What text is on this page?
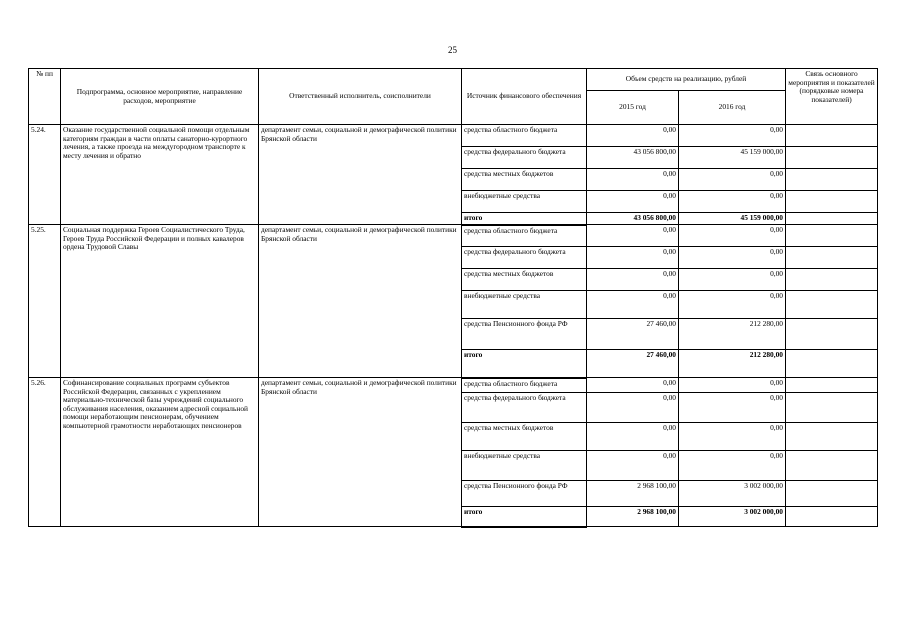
25
№ пп	Подпрограмма, основное мероприятие, направление расходов, мероприятие	Ответственный исполнитель, соисполнители	Источник финансового обеспечения	Объем средств на реализацию, рублей		Связь основного мероприятия и показателей (порядковые номера показателей)
				2015 год	2016 год	
5.24.	Оказание государственной социальной помощи отдельным категориям граждан в части оплаты санаторно-курортного лечения, а также проезда на междугородном транспорте к месту лечения и обратно	департамент семьи, социальной и демографической политики Брянской области	средства областного бюджета	0,00	0,00	
			средства федерального бюджета	43 056 800,00	45 159 000,00	
			средства местных бюджетов	0,00	0,00	
			внебюджетные средства	0,00	0,00	
			итого	43 056 800,00	45 159 000,00	
5.25.	Социальная поддержка Героев Социалистического Труда, Героев Труда Российской Федерации и полных кавалеров ордена Трудовой Славы	департамент семьи, социальной и демографической политики Брянской области	средства областного бюджета	0,00	0,00	
			средства федерального бюджета	0,00	0,00	
			средства местных бюджетов	0,00	0,00	
			внебюджетные средства	0,00	0,00	
			средства Пенсионного фонда РФ	27 460,00	212 280,00	
			итого	27 460,00	212 280,00	
5.26.	Софинансирование социальных программ субъектов Российской Федерации, связанных с укреплением материально-технической базы учреждений социального обслуживания населения, оказанием адресной социальной помощи неработающим пенсионерам, обучением компьютерной грамотности неработающих пенсионеров	департамент семьи, социальной и демографической политики Брянской области	средства областного бюджета	0,00	0,00	
			средства федерального бюджета	0,00	0,00	
			средства местных бюджетов	0,00	0,00	
			внебюджетные средства	0,00	0,00	
			средства Пенсионного фонда РФ	2 968 100,00	3 002 000,00	
			итого	2 968 100,00	3 002 000,00	
